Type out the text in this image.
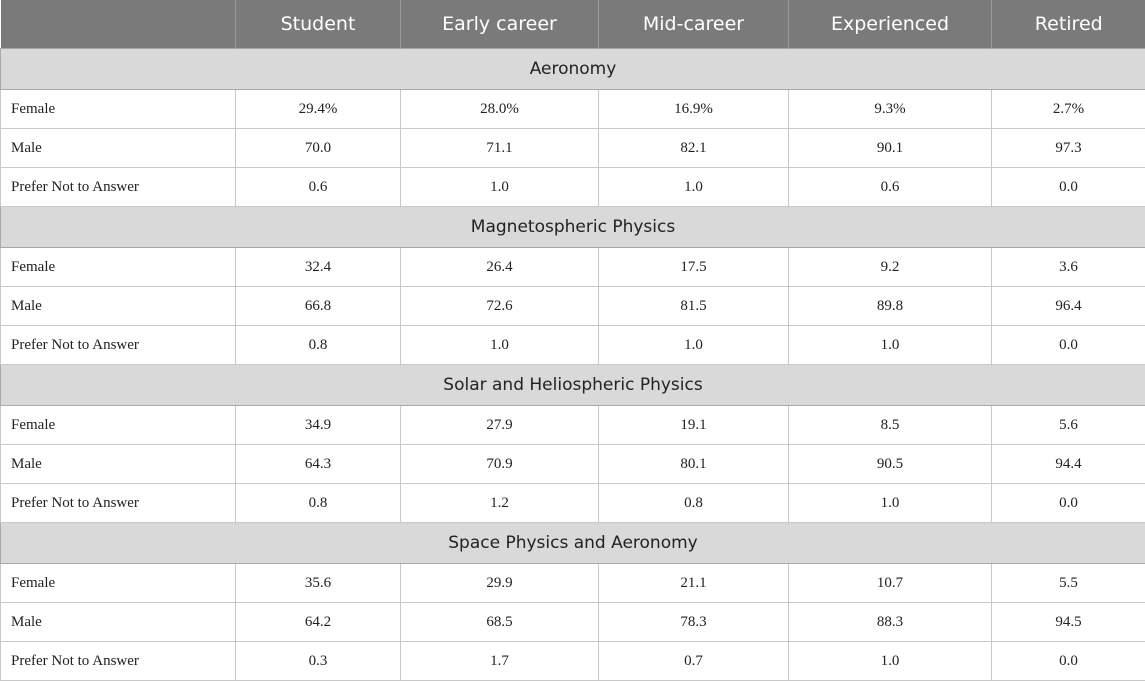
	Student	Early career	Mid-career	Experienced	Retired
Aeronomy					
Female	29.4%	28.0%	16.9%	9.3%	2.7%
Male	70.0	71.1	82.1	90.1	97.3
Prefer Not to Answer	0.6	1.0	1.0	0.6	0.0
Magnetospheric Physics					
Female	32.4	26.4	17.5	9.2	3.6
Male	66.8	72.6	81.5	89.8	96.4
Prefer Not to Answer	0.8	1.0	1.0	1.0	0.0
Solar and Heliospheric Physics					
Female	34.9	27.9	19.1	8.5	5.6
Male	64.3	70.9	80.1	90.5	94.4
Prefer Not to Answer	0.8	1.2	0.8	1.0	0.0
Space Physics and Aeronomy					
Female	35.6	29.9	21.1	10.7	5.5
Male	64.2	68.5	78.3	88.3	94.5
Prefer Not to Answer	0.3	1.7	0.7	1.0	0.0
